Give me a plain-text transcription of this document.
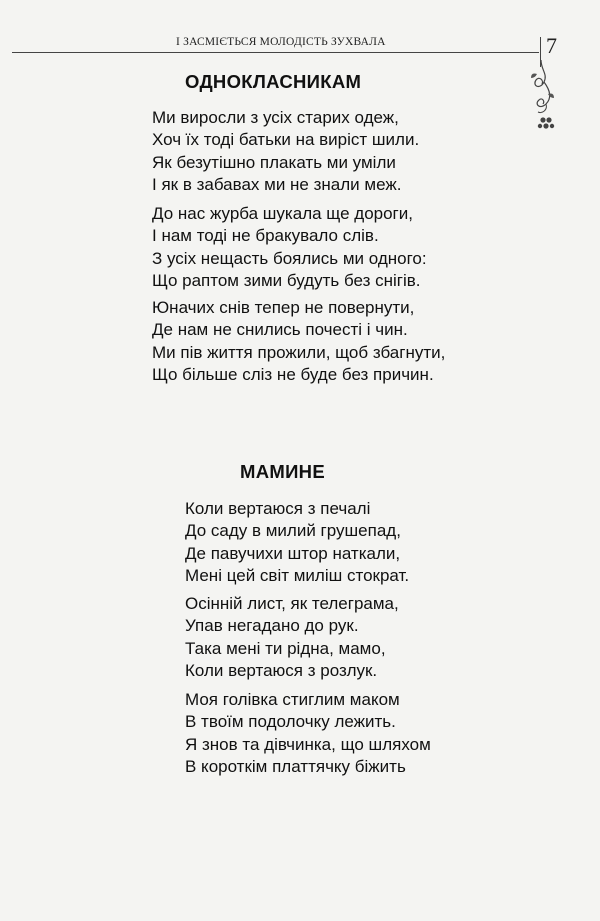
І ЗАСМІЄТЬСЯ МОЛОДІСТЬ ЗУХВАЛА	7
ОДНОКЛАСНИКАМ
Ми виросли з усіх старих одеж,
Хоч їх тоді батьки на виріст шили.
Як безутішно плакать ми уміли
І як в забавах ми не знали меж.
До нас журба шукала ще дороги,
І нам тоді не бракувало слів.
З усіх нещасть боялись ми одного:
Що раптом зими будуть без снігів.
Юначих снів тепер не повернути,
Де нам не снились почесті і чин.
Ми пів життя прожили, щоб збагнути,
Що більше сліз не буде без причин.
МАМИНЕ
Коли вертаюся з печалі
До саду в милий грушепад,
Де павучихи штор наткали,
Мені цей світ миліш стократ.
Осінній лист, як телеграма,
Упав негадано до рук.
Така мені ти рідна, мамо,
Коли вертаюся з розлук.
Моя голівка стиглим маком
В твоїм подолочку лежить.
Я знов та дівчинка, що шляхом
В короткім платтячку біжить
